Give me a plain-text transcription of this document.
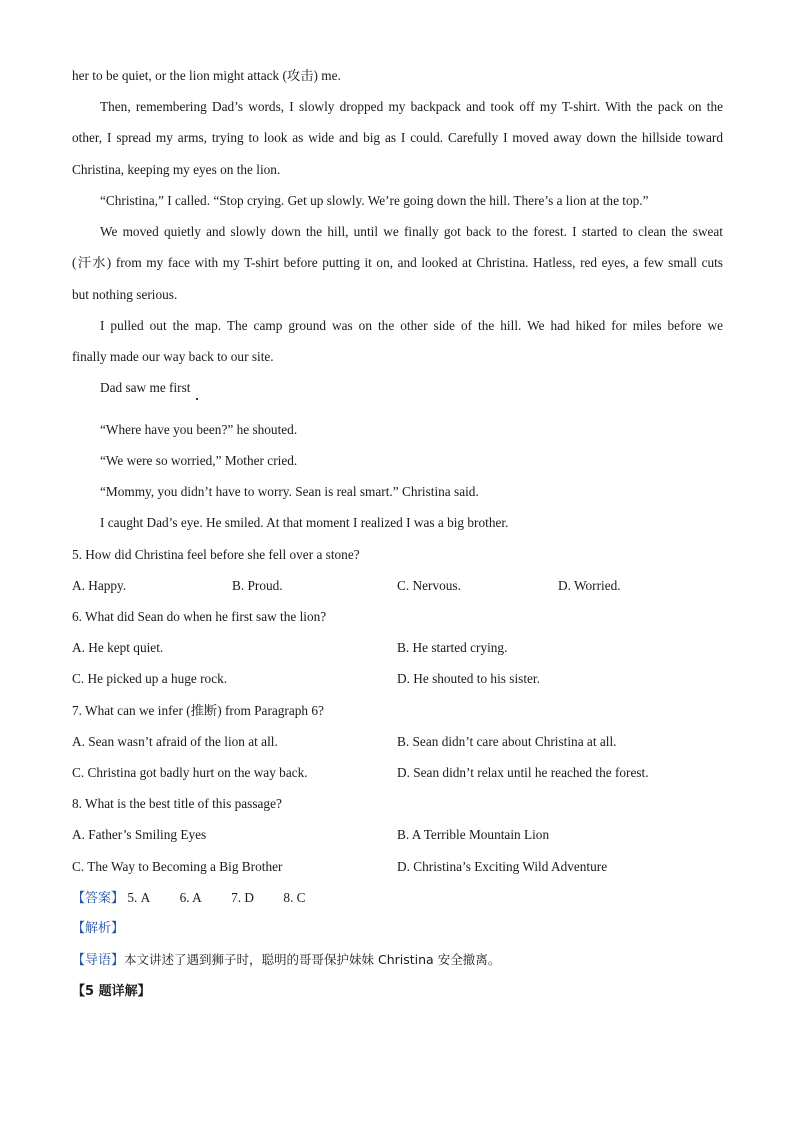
her to be quiet, or the lion might attack (攻击) me.
Then, remembering Dad’s words, I slowly dropped my backpack and took off my T-shirt. With the pack on the
other, I spread my arms, trying to look as wide and big as I could. Carefully I moved away down the hillside toward
Christina, keeping my eyes on the lion.
“Christina,” I called. “Stop crying. Get up slowly. We’re going down the hill. There’s a lion at the top.”
We moved quietly and slowly down the hill, until we finally got back to the forest. I started to clean the sweat
(汗水) from my face with my T-shirt before putting it on, and looked at Christina. Hatless, red eyes, a few small cuts
but nothing serious.
I pulled out the map. The camp ground was on the other side of the hill. We had hiked for miles before we
finally made our way back to our site.
Dad saw me first
“Where have you been?” he shouted.
“We were so worried,” Mother cried.
“Mommy, you didn’t have to worry. Sean is real smart.” Christina said.
I caught Dad’s eye. He smiled. At that moment I realized I was a big brother.
5. How did Christina feel before she fell over a stone?
A. Happy.	B. Proud.	C. Nervous.	D. Worried.
6. What did Sean do when he first saw the lion?
A. He kept quiet.	B. He started crying.
C. He picked up a huge rock.	D. He shouted to his sister.
7. What can we infer (推断) from Paragraph 6?
A. Sean wasn’t afraid of the lion at all.	B. Sean didn’t care about Christina at all.
C. Christina got badly hurt on the way back.	D. Sean didn’t relax until he reached the forest.
8. What is the best title of this passage?
A. Father’s Smiling Eyes	B. A Terrible Mountain Lion
C. The Way to Becoming a Big Brother	D. Christina’s Exciting Wild Adventure
【答案】 5. A 6. A 7. D 8. C
【解析】
【导语】本文讲述了遇到狮子时，聪明的哥哥保护妹妹 Christina 安全撤离。
【5 题详解】
